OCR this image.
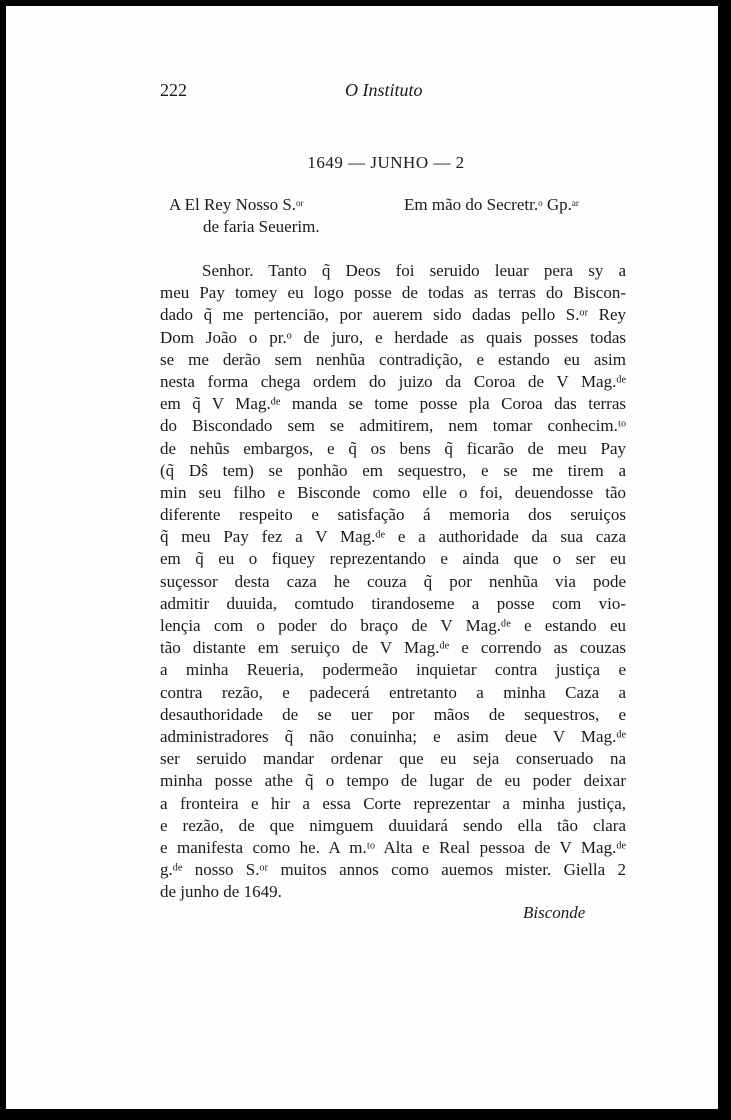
222	O Instituto
1649 — JUNHO — 2
A El Rey Nosso S.$^{or}$
de faria Seuerim.
Em mão do Secretr.$^o$ Gp.$^{ar}$
Senhor. Tanto q̃ Deos foi seruido leuar pera sy a
meu Pay tomey eu logo posse de todas as terras do Biscon-
dado q̃ me pertenciāo, por auerem sido dadas pello S.ᵒʳ Rey
Dom João o pr.ᵒ de juro, e herdade as quais posses todas
se me derão sem nenhũa contradição, e estando eu asim
nesta forma chega ordem do juizo da Coroa de V Mag.ᵈᵉ
em q̃ V Mag.ᵈᵉ manda se tome posse pla Coroa das terras
do Biscondado sem se admitirem, nem tomar conhecim.ᵗᵒ
de nehũs embargos, e q̃ os bens q̃ ficarão de meu Pay
(q̃ Dŝ tem) se ponhão em sequestro, e se me tirem a
min seu filho e Bisconde como elle o foi, deuendosse tão
diferente respeito e satisfação á memoria dos seruiços
q̃ meu Pay fez a V Mag.ᵈᵉ e a authoridade da sua caza
em q̃ eu o fiquey reprezentando e ainda que o ser eu
suçessor desta caza he couza q̃ por nenhũa via pode
admitir duuida, comtudo tirandoseme a posse com vio-
lençia com o poder do braço de V Mag.ᵈᵉ e estando eu
tão distante em seruiço de V Mag.ᵈᵉ e correndo as couzas
a minha Reueria, podermeão inquietar contra justiça e
contra rezão, e padecerá entretanto a minha Caza a
desauthoridade de se uer por mãos de sequestros, e
administradores q̃ não conuinha; e asim deue V Mag.ᵈᵉ
ser seruido mandar ordenar que eu seja conseruado na
minha posse athe q̃ o tempo de lugar de eu poder deixar
a fronteira e hir a essa Corte reprezentar a minha justiça,
e rezão, de que nimguem duuidará sendo ella tão clara
e manifesta como he. A m.ᵗᵒ Alta e Real pessoa de V Mag.ᵈᵉ
g.ᵈᵉ nosso S.ᵒʳ muitos annos como auemos mister. Giella 2
de junho de 1649.
Bisconde
